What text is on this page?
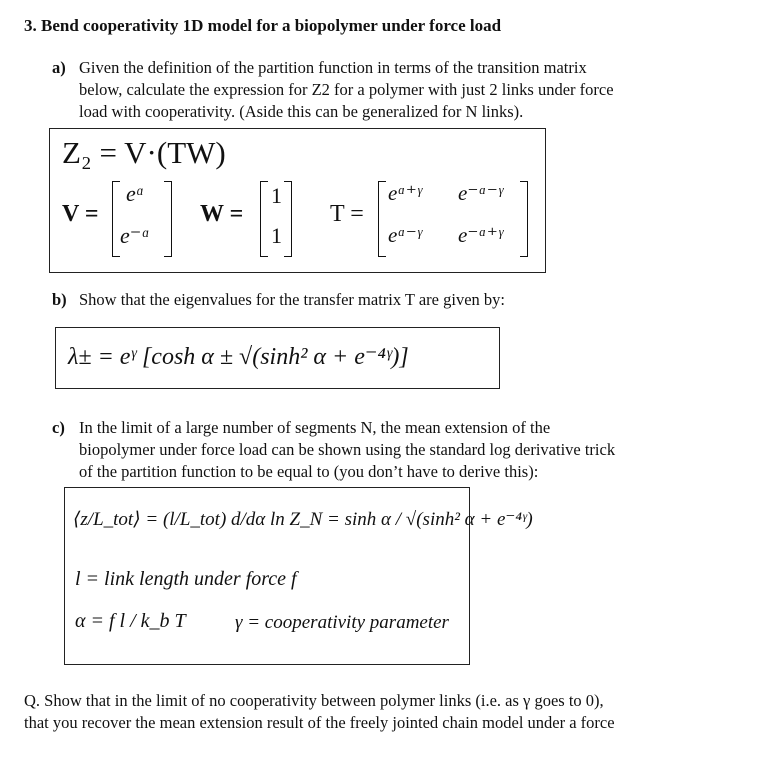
3. Bend cooperativity 1D model for a biopolymer under force load
a) Given the definition of the partition function in terms of the transition matrix
below, calculate the expression for Z2 for a polymer with just 2 links under force
load with cooperativity. (Aside this can be generalized for N links).
Z₂ = V·(TW)
V =
eᵅ
e⁻ᵅ
W =
1
1
T =
eᵅ⁺ᵞ e⁻ᵅ⁻ᵞ
eᵅ⁻ᵞ e⁻ᵅ⁺ᵞ
b) Show that the eigenvalues for the transfer matrix T are given by:
λ± = eᵞ [cosh α ± √(sinh² α + e⁻⁴ᵞ)]
c) In the limit of a large number of segments N, the mean extension of the
biopolymer under force load can be shown using the standard log derivative trick
of the partition function to be equal to (you don’t have to derive this):
⟨z/L_tot⟩ = (l/L_tot) d/dα ln Z_N = sinh α / √(sinh² α + e⁻⁴ᵞ)
l = link length under force f
α = f l / k_b T	γ = cooperativity parameter
Q. Show that in the limit of no cooperativity between polymer links (i.e. as γ goes to 0),
that you recover the mean extension result of the freely jointed chain model under a force
